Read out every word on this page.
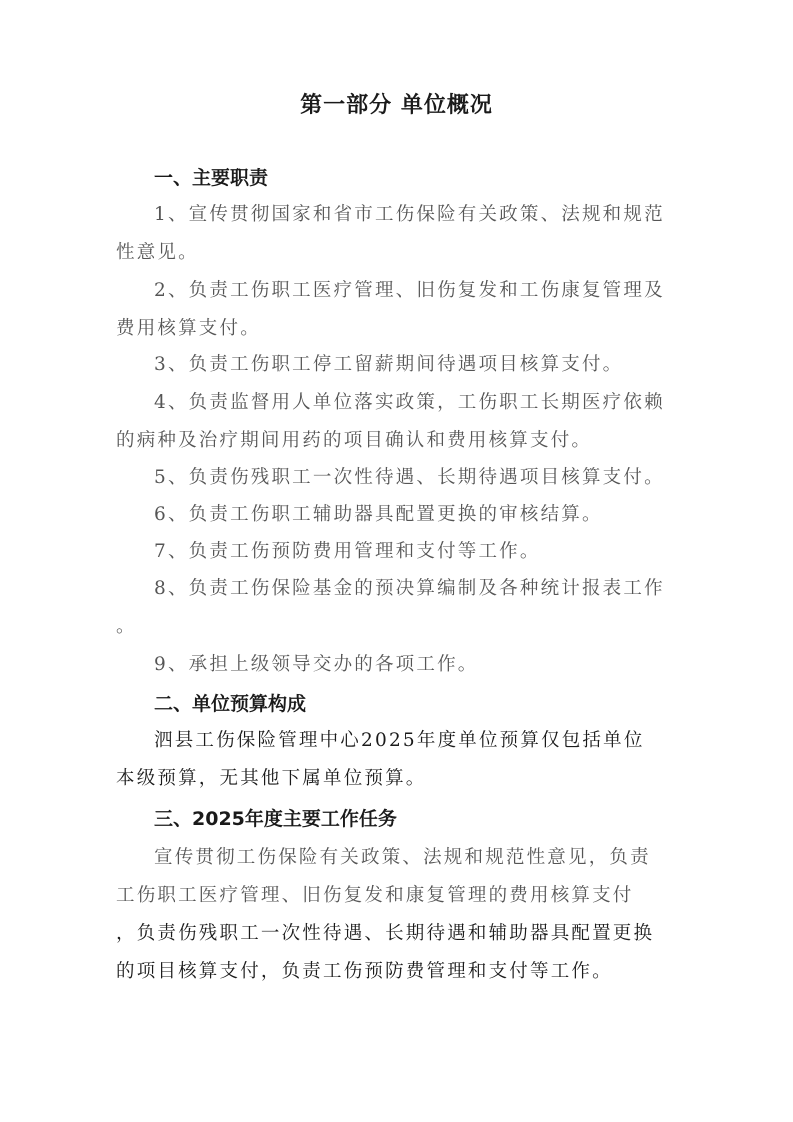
第一部分 单位概况
一、主要职责
1、宣传贯彻国家和省市工伤保险有关政策、法规和规范
性意见。
2、负责工伤职工医疗管理、旧伤复发和工伤康复管理及
费用核算支付。
3、负责工伤职工停工留薪期间待遇项目核算支付。
4、负责监督用人单位落实政策，工伤职工长期医疗依赖
的病种及治疗期间用药的项目确认和费用核算支付。
5、负责伤残职工一次性待遇、长期待遇项目核算支付。
6、负责工伤职工辅助器具配置更换的审核结算。
7、负责工伤预防费用管理和支付等工作。
8、负责工伤保险基金的预决算编制及各种统计报表工作
。
9、承担上级领导交办的各项工作。
二、单位预算构成
泗县工伤保险管理中心2025年度单位预算仅包括单位
本级预算，无其他下属单位预算。
三、2025年度主要工作任务
宣传贯彻工伤保险有关政策、法规和规范性意见，负责
工伤职工医疗管理、旧伤复发和康复管理的费用核算支付
，负责伤残职工一次性待遇、长期待遇和辅助器具配置更换
的项目核算支付，负责工伤预防费管理和支付等工作。
